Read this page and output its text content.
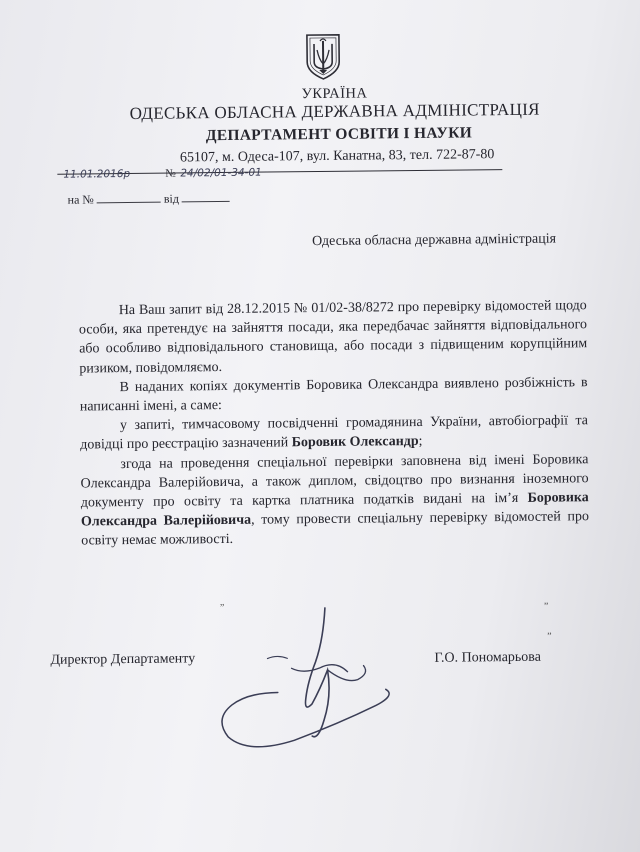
УКРАЇНА
ОДЕСЬКА ОБЛАСНА ДЕРЖАВНА АДМІНІСТРАЦІЯ
ДЕПАРТАМЕНТ ОСВІТИ І НАУКИ
65107, м. Одеса-107, вул. Канатна, 83, тел. 722-87-80
11.01.2016р	№ 24/02/01-34-01
на №	від
Одеська обласна державна адміністрація

На Ваш запит від 28.12.2015 № 01/02-38/8272 про перевірку відомостей щодо особи, яка претендує на зайняття посади, яка передбачає зайняття відповідального або особливо відповідального становища, або посади з підвищеним корупційним ризиком, повідомляємо.

В наданих копіях документів Боровика Олександра виявлено розбіжність в написанні імені, а саме:

у запиті, тимчасовому посвідченні громадянина України, автобіографії та довідці про реєстрацію зазначений Боровик Олександр;

згода на проведення спеціальної перевірки заповнена від імені Боровика Олександра Валерійовича, а також диплом, свідоцтво про визнання іноземного документу про освіту та картка платника податків видані на ім’я Боровика Олександра Валерійовича, тому провести спеціальну перевірку відомостей про освіту немає можливості.

„	„
„
Директор Департаменту	Г.О. Пономарьова
